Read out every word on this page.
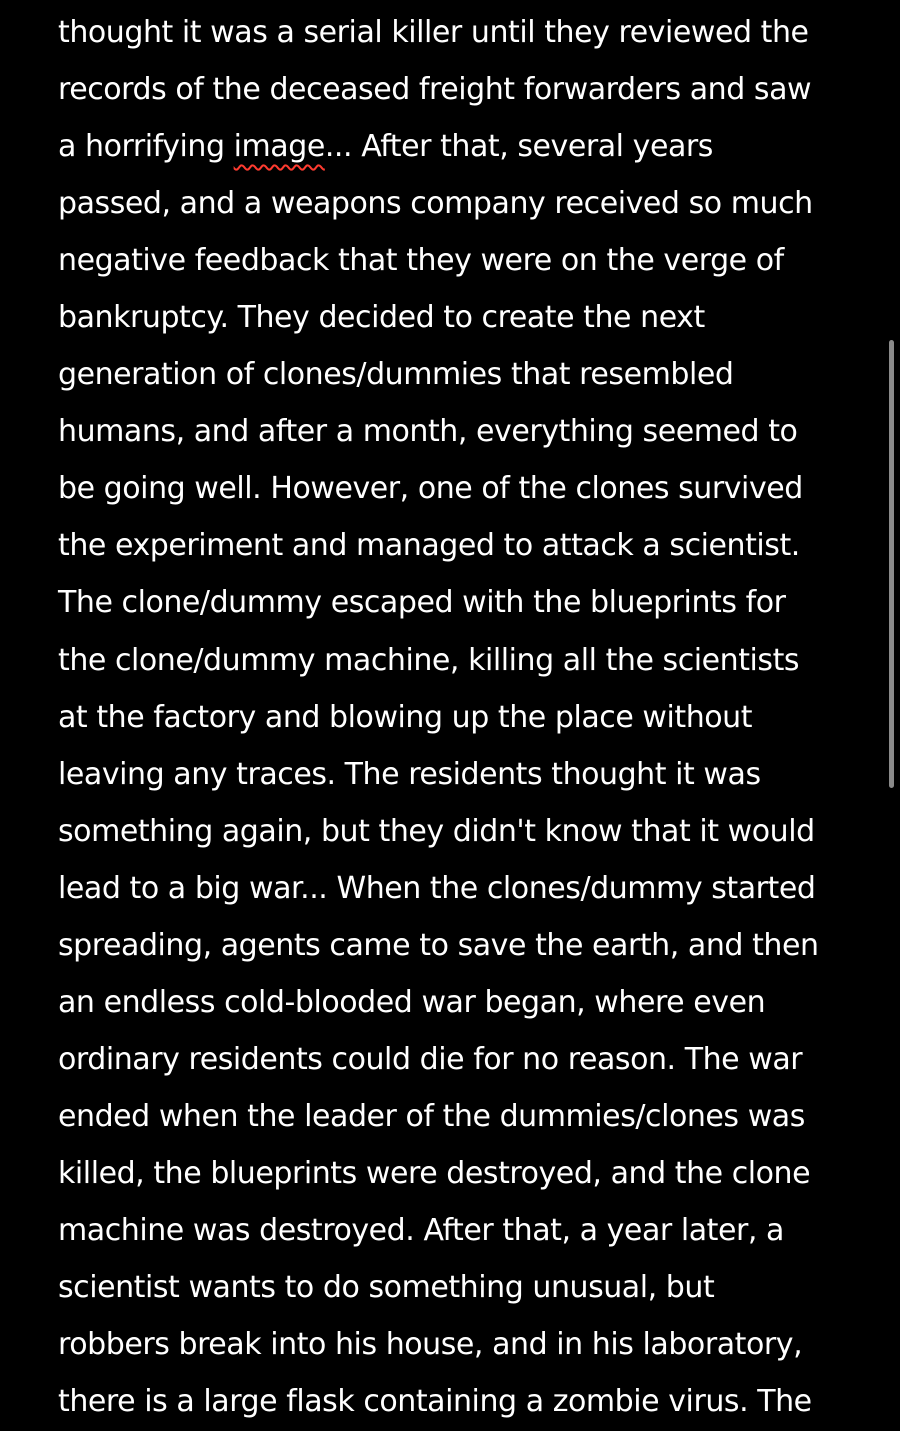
thought it was a serial killer until they reviewed the
records of the deceased freight forwarders and saw
a horrifying image... After that, several years
passed, and a weapons company received so much
negative feedback that they were on the verge of
bankruptcy. They decided to create the next
generation of clones/dummies that resembled
humans, and after a month, everything seemed to
be going well. However, one of the clones survived
the experiment and managed to attack a scientist.
The clone/dummy escaped with the blueprints for
the clone/dummy machine, killing all the scientists
at the factory and blowing up the place without
leaving any traces. The residents thought it was
something again, but they didn't know that it would
lead to a big war... When the clones/dummy started
spreading, agents came to save the earth, and then
an endless cold-blooded war began, where even
ordinary residents could die for no reason. The war
ended when the leader of the dummies/clones was
killed, the blueprints were destroyed, and the clone
machine was destroyed. After that, a year later, a
scientist wants to do something unusual, but
robbers break into his house, and in his laboratory,
there is a large flask containing a zombie virus. The
